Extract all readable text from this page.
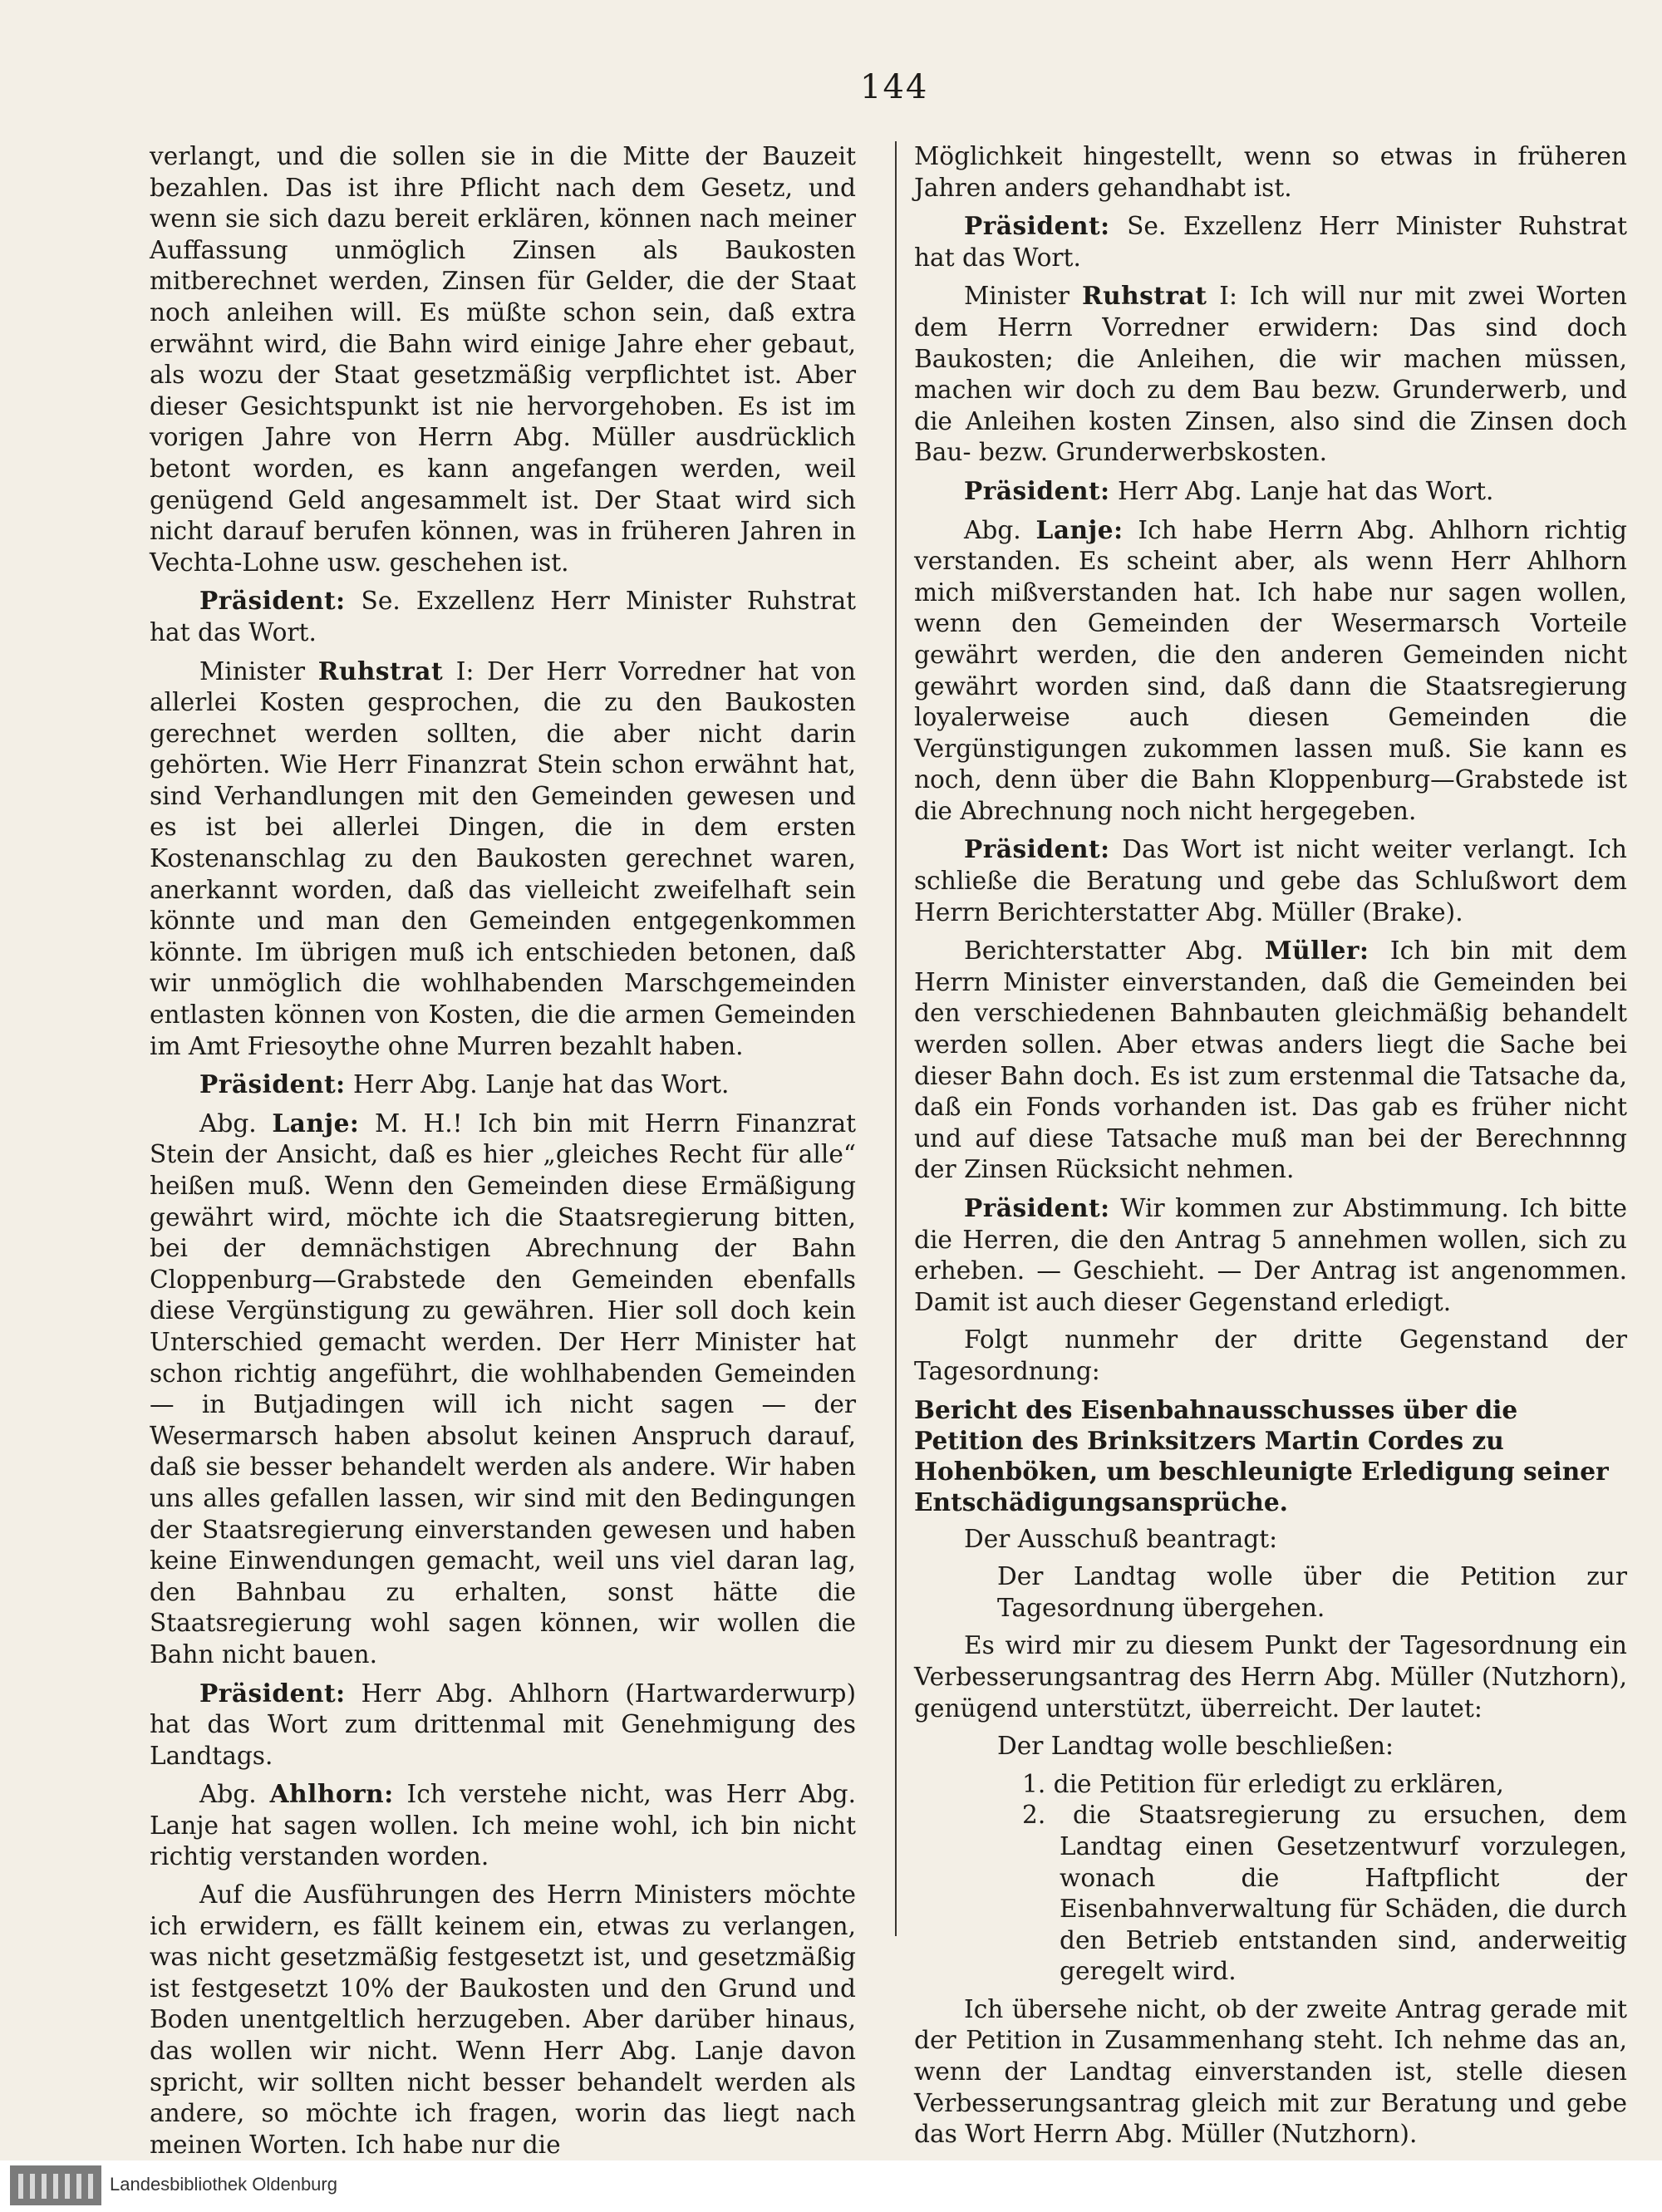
144

verlangt, und die sollen sie in die Mitte der Bauzeit bezahlen. Das ist ihre Pflicht nach dem Gesetz, und wenn sie sich dazu bereit erklären, können nach meiner Auffassung unmöglich Zinsen als Baukosten mitberechnet werden, Zinsen für Gelder, die der Staat noch anleihen will. Es müßte schon sein, daß extra erwähnt wird, die Bahn wird einige Jahre eher gebaut, als wozu der Staat gesetzmäßig verpflichtet ist. Aber dieser Gesichtspunkt ist nie hervorgehoben. Es ist im vorigen Jahre von Herrn Abg. Müller ausdrücklich betont worden, es kann angefangen werden, weil genügend Geld angesammelt ist. Der Staat wird sich nicht darauf berufen können, was in früheren Jahren in Vechta-Lohne usw. geschehen ist.

Präsident: Se. Exzellenz Herr Minister Ruhstrat hat das Wort.

Minister Ruhstrat I: Der Herr Vorredner hat von allerlei Kosten gesprochen, die zu den Baukosten gerechnet werden sollten, die aber nicht darin gehörten. Wie Herr Finanzrat Stein schon erwähnt hat, sind Verhandlungen mit den Gemeinden gewesen und es ist bei allerlei Dingen, die in dem ersten Kostenanschlag zu den Baukosten gerechnet waren, anerkannt worden, daß das vielleicht zweifelhaft sein könnte und man den Gemeinden entgegenkommen könnte. Im übrigen muß ich entschieden betonen, daß wir unmöglich die wohlhabenden Marschgemeinden entlasten können von Kosten, die die armen Gemeinden im Amt Friesoythe ohne Murren bezahlt haben.

Präsident: Herr Abg. Lanje hat das Wort.

Abg. Lanje: M. H.! Ich bin mit Herrn Finanzrat Stein der Ansicht, daß es hier „gleiches Recht für alle“ heißen muß. Wenn den Gemeinden diese Ermäßigung gewährt wird, möchte ich die Staatsregierung bitten, bei der demnächstigen Abrechnung der Bahn Cloppenburg—Grabstede den Gemeinden ebenfalls diese Vergünstigung zu gewähren. Hier soll doch kein Unterschied gemacht werden. Der Herr Minister hat schon richtig angeführt, die wohlhabenden Gemeinden — in Butjadingen will ich nicht sagen — der Wesermarsch haben absolut keinen Anspruch darauf, daß sie besser behandelt werden als andere. Wir haben uns alles gefallen lassen, wir sind mit den Bedingungen der Staatsregierung einverstanden gewesen und haben keine Einwendungen gemacht, weil uns viel daran lag, den Bahnbau zu erhalten, sonst hätte die Staatsregierung wohl sagen können, wir wollen die Bahn nicht bauen.

Präsident: Herr Abg. Ahlhorn (Hartwarderwurp) hat das Wort zum drittenmal mit Genehmigung des Landtags.

Abg. Ahlhorn: Ich verstehe nicht, was Herr Abg. Lanje hat sagen wollen. Ich meine wohl, ich bin nicht richtig verstanden worden.

Auf die Ausführungen des Herrn Ministers möchte ich erwidern, es fällt keinem ein, etwas zu verlangen, was nicht gesetzmäßig festgesetzt ist, und gesetzmäßig ist festgesetzt 10% der Baukosten und den Grund und Boden unentgeltlich herzugeben. Aber darüber hinaus, das wollen wir nicht. Wenn Herr Abg. Lanje davon spricht, wir sollten nicht besser behandelt werden als andere, so möchte ich fragen, worin das liegt nach meinen Worten. Ich habe nur die

Möglichkeit hingestellt, wenn so etwas in früheren Jahren anders gehandhabt ist.

Präsident: Se. Exzellenz Herr Minister Ruhstrat hat das Wort.

Minister Ruhstrat I: Ich will nur mit zwei Worten dem Herrn Vorredner erwidern: Das sind doch Baukosten; die Anleihen, die wir machen müssen, machen wir doch zu dem Bau bezw. Grunderwerb, und die Anleihen kosten Zinsen, also sind die Zinsen doch Bau- bezw. Grunderwerbskosten.

Präsident: Herr Abg. Lanje hat das Wort.

Abg. Lanje: Ich habe Herrn Abg. Ahlhorn richtig verstanden. Es scheint aber, als wenn Herr Ahlhorn mich mißverstanden hat. Ich habe nur sagen wollen, wenn den Gemeinden der Wesermarsch Vorteile gewährt werden, die den anderen Gemeinden nicht gewährt worden sind, daß dann die Staatsregierung loyalerweise auch diesen Gemeinden die Vergünstigungen zukommen lassen muß. Sie kann es noch, denn über die Bahn Kloppenburg—Grabstede ist die Abrechnung noch nicht hergegeben.

Präsident: Das Wort ist nicht weiter verlangt. Ich schließe die Beratung und gebe das Schlußwort dem Herrn Berichterstatter Abg. Müller (Brake).

Berichterstatter Abg. Müller: Ich bin mit dem Herrn Minister einverstanden, daß die Gemeinden bei den verschiedenen Bahnbauten gleichmäßig behandelt werden sollen. Aber etwas anders liegt die Sache bei dieser Bahn doch. Es ist zum erstenmal die Tatsache da, daß ein Fonds vorhanden ist. Das gab es früher nicht und auf diese Tatsache muß man bei der Berechnnng der Zinsen Rücksicht nehmen.

Präsident: Wir kommen zur Abstimmung. Ich bitte die Herren, die den Antrag 5 annehmen wollen, sich zu erheben. — Geschieht. — Der Antrag ist angenommen. Damit ist auch dieser Gegenstand erledigt.

Folgt nunmehr der dritte Gegenstand der Tagesordnung:

Bericht des Eisenbahnausschusses über die Petition des Brinksitzers Martin Cordes zu Hohenböken, um beschleunigte Erledigung seiner Entschädigungsansprüche.

Der Ausschuß beantragt:

Der Landtag wolle über die Petition zur Tagesordnung übergehen.

Es wird mir zu diesem Punkt der Tagesordnung ein Verbesserungsantrag des Herrn Abg. Müller (Nutzhorn), genügend unterstützt, überreicht. Der lautet:

Der Landtag wolle beschließen:

1. die Petition für erledigt zu erklären,
2. die Staatsregierung zu ersuchen, dem Landtag einen Gesetzentwurf vorzulegen, wonach die Haftpflicht der Eisenbahnverwaltung für Schäden, die durch den Betrieb entstanden sind, anderweitig geregelt wird.

Ich übersehe nicht, ob der zweite Antrag gerade mit der Petition in Zusammenhang steht. Ich nehme das an, wenn der Landtag einverstanden ist, stelle diesen Verbesserungsantrag gleich mit zur Beratung und gebe das Wort Herrn Abg. Müller (Nutzhorn).

Landesbibliothek Oldenburg
